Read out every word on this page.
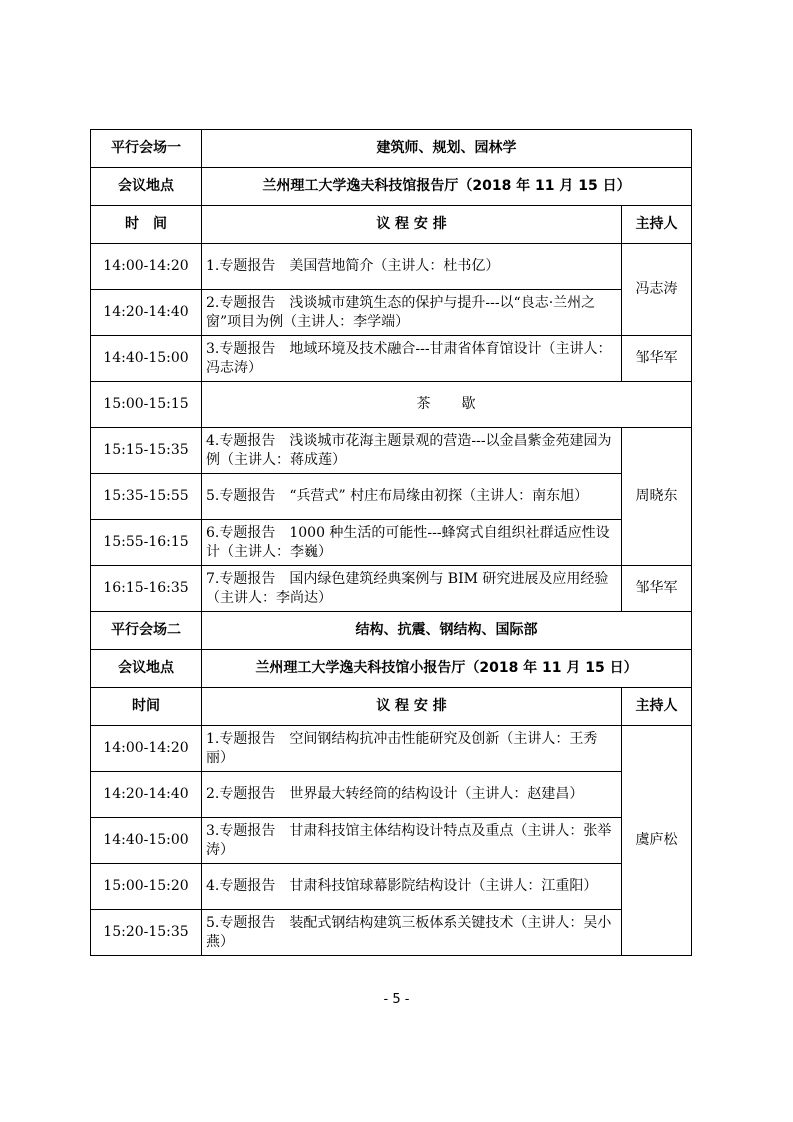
平行会场一	建筑师、规划、园林学	
会议地点	兰州理工大学逸夫科技馆报告厅（2018 年 11 月 15 日）	
时　间	议 程 安 排	主持人
14:00-14:20	1.专题报告　美国营地简介（主讲人：杜书亿）	冯志涛
14:20-14:40	2.专题报告　浅谈城市建筑生态的保护与提升---以“良志·兰州之窗”项目为例（主讲人：李学端）	
14:40-15:00	3.专题报告　地域环境及技术融合---甘肃省体育馆设计（主讲人：冯志涛）	邹华军
15:00-15:15	茶　　歇	
15:15-15:35	4.专题报告　浅谈城市花海主题景观的营造---以金昌紫金苑建园为例（主讲人：蒋成莲）	周晓东
15:35-15:55	5.专题报告　“兵营式” 村庄布局缘由初探（主讲人：南东旭）	
15:55-16:15	6.专题报告　1000 种生活的可能性---蜂窝式自组织社群适应性设计（主讲人：李巍）	
16:15-16:35	7.专题报告　国内绿色建筑经典案例与 BIM 研究进展及应用经验（主讲人：李尚达）	邹华军
平行会场二	结构、抗震、钢结构、国际部	
会议地点	兰州理工大学逸夫科技馆小报告厅（2018 年 11 月 15 日）	
时间	议 程 安 排	主持人
14:00-14:20	1.专题报告　空间钢结构抗冲击性能研究及创新（主讲人：王秀丽）	虞庐松
14:20-14:40	2.专题报告　世界最大转经筒的结构设计（主讲人：赵建昌）	
14:40-15:00	3.专题报告　甘肃科技馆主体结构设计特点及重点（主讲人：张举涛）	
15:00-15:20	4.专题报告　甘肃科技馆球幕影院结构设计（主讲人：江重阳）	
15:20-15:35	5.专题报告　装配式钢结构建筑三板体系关键技术（主讲人：吴小燕）	
- 5 -
